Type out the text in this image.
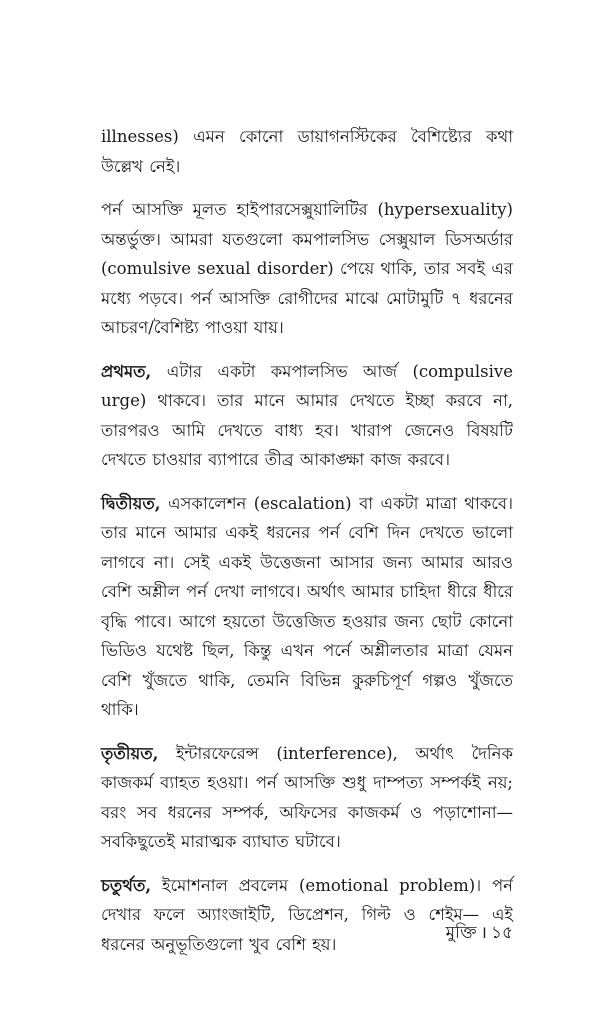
illnesses) এমন কোনো ডায়াগনস্টিকের বৈশিষ্ট্যের কথা উল্লেখ নেই।

পর্ন আসক্তি মূলত হাইপারসেক্সুয়ালিটির (hypersexuality) অন্তর্ভুক্ত। আমরা যতগুলো কমপালসিভ সেক্সুয়াল ডিসঅর্ডার (comulsive sexual disorder) পেয়ে থাকি, তার সবই এর মধ্যে পড়বে। পর্ন আসক্তি রোগীদের মাঝে মোটামুটি ৭ ধরনের আচরণ/বৈশিষ্ট্য পাওয়া যায়।

প্রথমত, এটার একটা কমপালসিভ আর্জ (compulsive urge) থাকবে। তার মানে আমার দেখতে ইচ্ছা করবে না, তারপরও আমি দেখতে বাধ্য হব। খারাপ জেনেও বিষয়টি দেখতে চাওয়ার ব্যাপারে তীব্র আকাঙ্ক্ষা কাজ করবে।

দ্বিতীয়ত, এসকালেশন (escalation) বা একটা মাত্রা থাকবে। তার মানে আমার একই ধরনের পর্ন বেশি দিন দেখতে ভালো লাগবে না। সেই একই উত্তেজনা আসার জন্য আমার আরও বেশি অশ্লীল পর্ন দেখা লাগবে। অর্থাৎ আমার চাহিদা ধীরে ধীরে বৃদ্ধি পাবে। আগে হয়তো উত্তেজিত হওয়ার জন্য ছোট কোনো ভিডিও যথেষ্ট ছিল, কিন্তু এখন পর্নে অশ্লীলতার মাত্রা যেমন বেশি খুঁজতে থাকি, তেমনি বিভিন্ন কুরুচিপূর্ণ গল্পও খুঁজতে থাকি।

তৃতীয়ত, ইন্টারফেরেন্স (interference), অর্থাৎ দৈনিক কাজকর্ম ব্যাহত হওয়া। পর্ন আসক্তি শুধু দাম্পত্য সম্পর্কই নয়; বরং সব ধরনের সম্পর্ক, অফিসের কাজকর্ম ও পড়াশোনা— সবকিছুতেই মারাত্মক ব্যাঘাত ঘটাবে।

চতুর্থত, ইমোশনাল প্রবলেম (emotional problem)। পর্ন দেখার ফলে অ্যাংজাইটি, ডিপ্রেশন, গিল্ট ও শেইম— এই ধরনের অনুভূতিগুলো খুব বেশি হয়।

মুক্তি । ১৫
